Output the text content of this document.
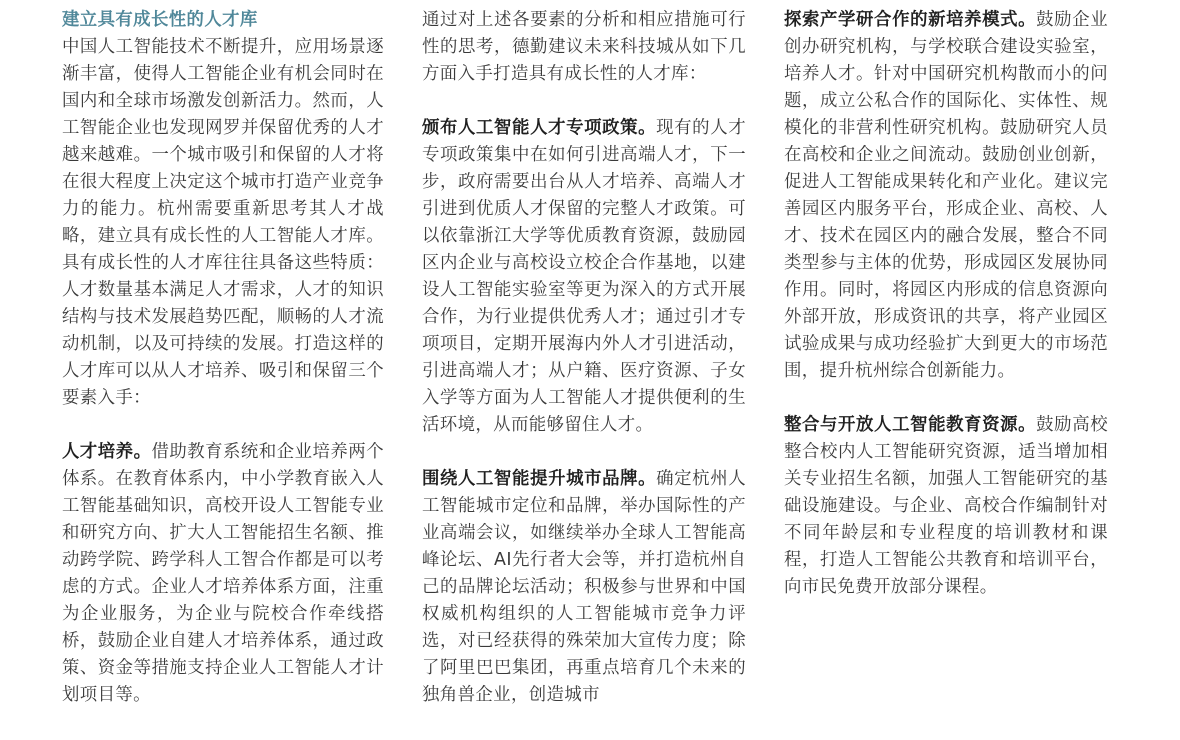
建立具有成长性的人才库

中国人工智能技术不断提升，应用场景逐渐丰富，使得人工智能企业有机会同时在国内和全球市场激发创新活力。然而，人工智能企业也发现网罗并保留优秀的人才越来越难。一个城市吸引和保留的人才将在很大程度上决定这个城市打造产业竞争力的能力。杭州需要重新思考其人才战略，建立具有成长性的人工智能人才库。具有成长性的人才库往往具备这些特质：人才数量基本满足人才需求，人才的知识结构与技术发展趋势匹配，顺畅的人才流动机制，以及可持续的发展。打造这样的人才库可以从人才培养、吸引和保留三个要素入手：

人才培养。借助教育系统和企业培养两个体系。在教育体系内，中小学教育嵌入人工智能基础知识，高校开设人工智能专业和研究方向、扩大人工智能招生名额、推动跨学院、跨学科人工智合作都是可以考虑的方式。企业人才培养体系方面，注重为企业服务，为企业与院校合作牵线搭桥，鼓励企业自建人才培养体系，通过政策、资金等措施支持企业人工智能人才计划项目等。

通过对上述各要素的分析和相应措施可行性的思考，德勤建议未来科技城从如下几方面入手打造具有成长性的人才库：

颁布人工智能人才专项政策。现有的人才专项政策集中在如何引进高端人才，下一步，政府需要出台从人才培养、高端人才引进到优质人才保留的完整人才政策。可以依靠浙江大学等优质教育资源，鼓励园区内企业与高校设立校企合作基地，以建设人工智能实验室等更为深入的方式开展合作，为行业提供优秀人才；通过引才专项项目，定期开展海内外人才引进活动，引进高端人才；从户籍、医疗资源、子女入学等方面为人工智能人才提供便利的生活环境，从而能够留住人才。

围绕人工智能提升城市品牌。确定杭州人工智能城市定位和品牌，举办国际性的产业高端会议，如继续举办全球人工智能高峰论坛、AI先行者大会等，并打造杭州自己的品牌论坛活动；积极参与世界和中国权威机构组织的人工智能城市竞争力评选，对已经获得的殊荣加大宣传力度；除了阿里巴巴集团，再重点培育几个未来的独角兽企业，创造城市

探索产学研合作的新培养模式。鼓励企业创办研究机构，与学校联合建设实验室，培养人才。针对中国研究机构散而小的问题，成立公私合作的国际化、实体性、规模化的非营利性研究机构。鼓励研究人员在高校和企业之间流动。鼓励创业创新，促进人工智能成果转化和产业化。建议完善园区内服务平台，形成企业、高校、人才、技术在园区内的融合发展，整合不同类型参与主体的优势，形成园区发展协同作用。同时，将园区内形成的信息资源向外部开放，形成资讯的共享，将产业园区试验成果与成功经验扩大到更大的市场范围，提升杭州综合创新能力。

整合与开放人工智能教育资源。鼓励高校整合校内人工智能研究资源，适当增加相关专业招生名额，加强人工智能研究的基础设施建设。与企业、高校合作编制针对不同年龄层和专业程度的培训教材和课程，打造人工智能公共教育和培训平台，向市民免费开放部分课程。
